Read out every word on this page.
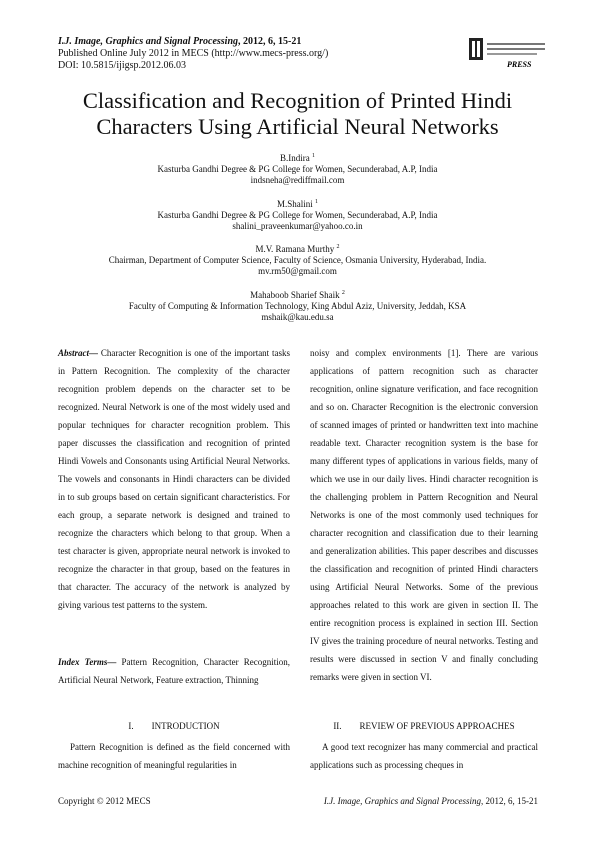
I.J. Image, Graphics and Signal Processing, 2012, 6, 15-21
Published Online July 2012 in MECS (http://www.mecs-press.org/)
DOI: 10.5815/ijigsp.2012.06.03	PRESS
Classification and Recognition of Printed Hindi Characters Using Artificial Neural Networks
B.Indira $^1$
Kasturba Gandhi Degree & PG College for Women, Secunderabad, A.P, India
indsneha@rediffmail.com
M.Shalini $^1$
Kasturba Gandhi Degree & PG College for Women, Secunderabad, A.P, India
shalini_praveenkumar@yahoo.co.in
M.V. Ramana Murthy $^2$
Chairman, Department of Computer Science, Faculty of Science, Osmania University, Hyderabad, India.
mv.rm50@gmail.com
Mahaboob Sharief Shaik $^2$
Faculty of Computing & Information Technology, King Abdul Aziz, University, Jeddah, KSA
mshaik@kau.edu.sa

Abstract— Character Recognition is one of the important tasks in Pattern Recognition. The complexity of the character recognition problem depends on the character set to be recognized. Neural Network is one of the most widely used and popular techniques for character recognition problem. This paper discusses the classification and recognition of printed Hindi Vowels and Consonants using Artificial Neural Networks. The vowels and consonants in Hindi characters can be divided in to sub groups based on certain significant characteristics. For each group, a separate network is designed and trained to recognize the characters which belong to that group. When a test character is given, appropriate neural network is invoked to recognize the character in that group, based on the features in that character. The accuracy of the network is analyzed by giving various test patterns to the system.

Index Terms— Pattern Recognition, Character Recognition, Artificial Neural Network, Feature extraction, Thinning

I.  INTRODUCTION
Pattern Recognition is defined as the field concerned with machine recognition of meaningful regularities in
noisy and complex environments [1]. There are various applications of pattern recognition such as character recognition, online signature verification, and face recognition and so on. Character Recognition is the electronic conversion of scanned images of printed or handwritten text into machine readable text. Character recognition system is the base for many different types of applications in various fields, many of which we use in our daily lives. Hindi character recognition is the challenging problem in Pattern Recognition and Neural Networks is one of the most commonly used techniques for character recognition and classification due to their learning and generalization abilities. This paper describes and discusses the classification and recognition of printed Hindi characters using Artificial Neural Networks. Some of the previous approaches related to this work are given in section II. The entire recognition process is explained in section III. Section IV gives the training procedure of neural networks. Testing and results were discussed in section V and finally concluding remarks were given in section VI.
II.  REVIEW OF PREVIOUS APPROACHES
A good text recognizer has many commercial and practical applications such as processing cheques in
Copyright © 2012 MECS	I.J. Image, Graphics and Signal Processing, 2012, 6, 15-21
